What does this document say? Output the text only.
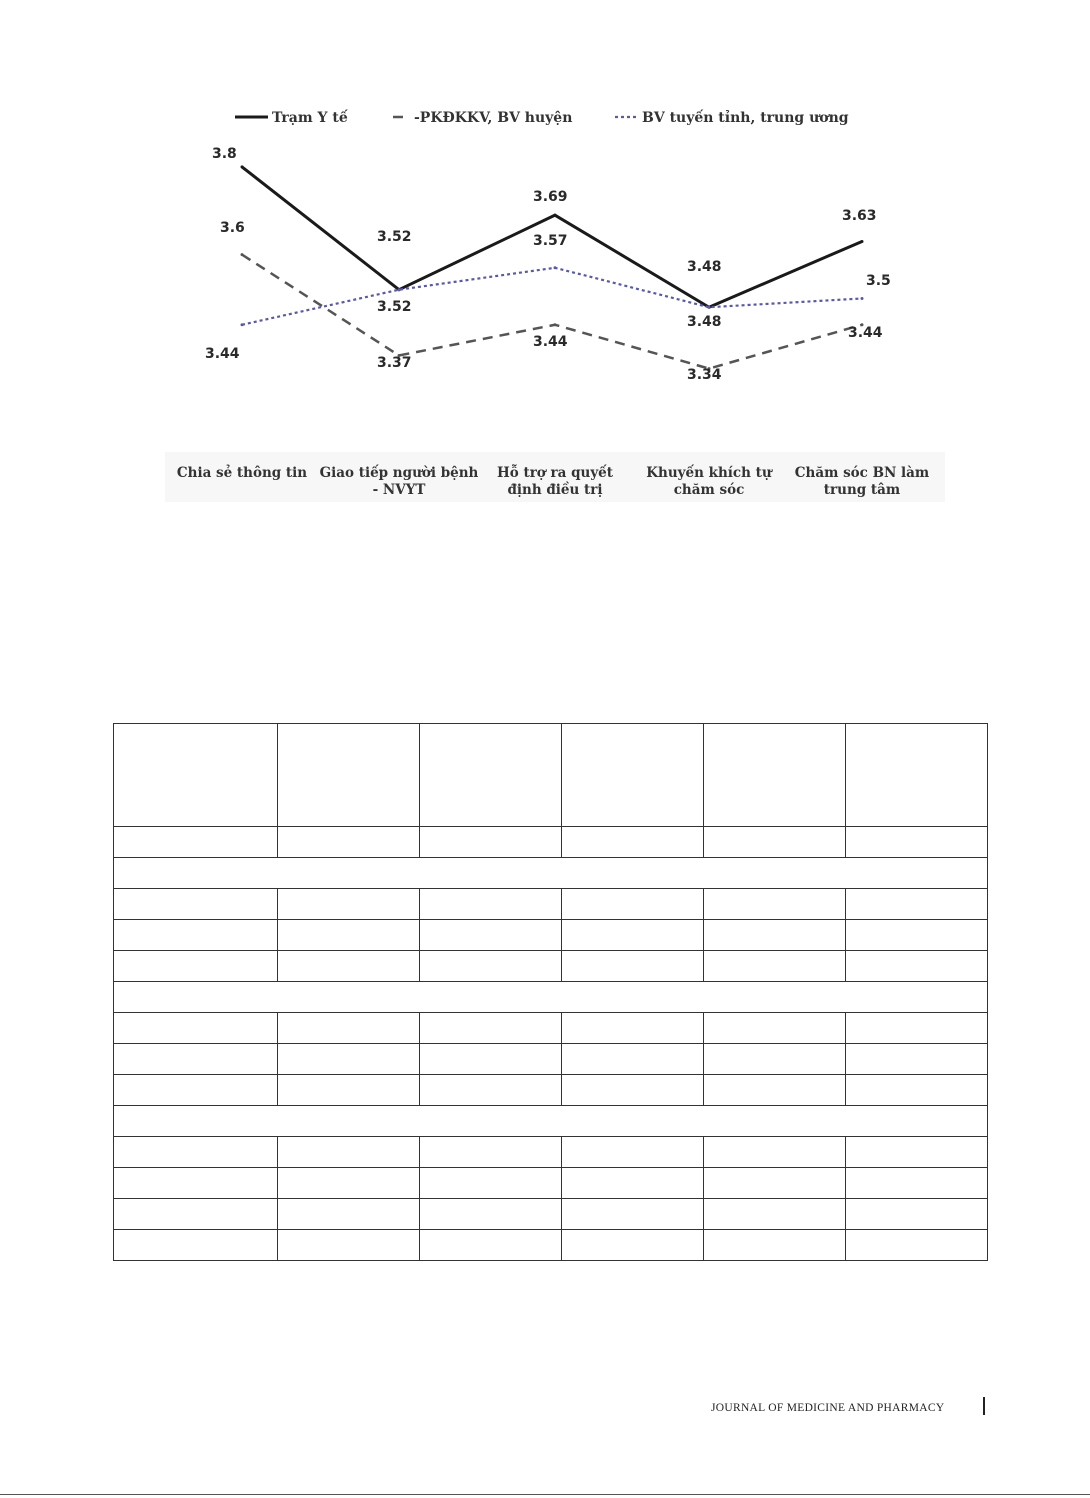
Trạm Y tế	-PKĐKKV, BV huyện	BV tuyến tỉnh, trung ương
3.8
3.52
3.69
3.48
3.63
3.6
3.37
3.44
3.34
3.44
3.44
3.52
3.57
3.48
3.5
Chia sẻ thông tin Giao tiếp người bệnh
- NVYT
Hỗ trợ ra quyết
định điều trị
Khuyến khích tự
chăm sóc
Chăm sóc BN làm
trung tâm

JOURNAL OF MEDICINE AND PHARMACY
